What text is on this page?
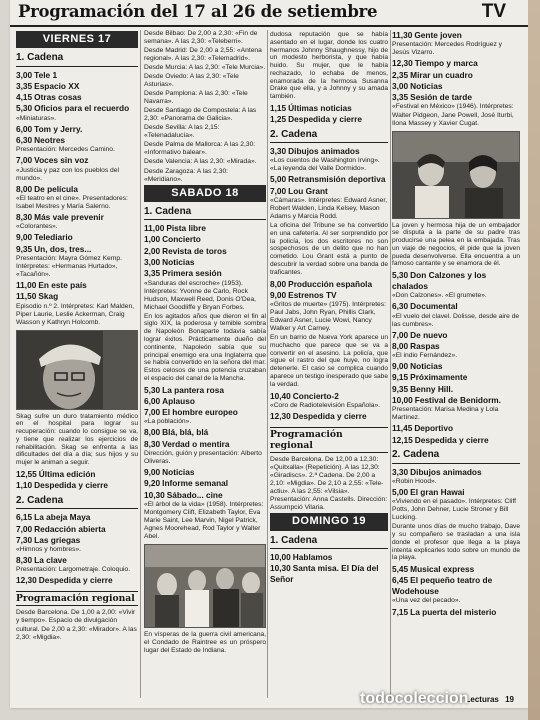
Programación del 17 al 26 de setiembre	TV
VIERNES 17
1. Cadena
3,00 Tele 1
3,35 Espacio XX
4,15 Otras cosas
5,30 Oficios para el recuerdo
«Miniaturas».
6,00 Tom y Jerry.
6,30 Neotres
Presentación: Mercedes Camino.
7,00 Voces sin voz
«Justicia y paz con los pueblos del mundo».
8,00 De película
«El teatro en el cine». Presentadores: Isabel Mestres y María Salerno.
8,30 Más vale prevenir
«Colorantes».
9,00 Telediario
9,35 Un, dos, tres...
Presentación: Mayra Gómez Kemp. Intérpretes: «Hermanas Hurtado», «Tacañón».
11,00 En este país
11,50 Skag
Episodio n.º 2. Intérpretes: Karl Malden, Piper Laurie, Leslie Ackerman, Craig Wasson y Kathryn Holcomb.
Skag sufre un duro tratamiento médico en el hospital para lograr su recuperación: cuando lo consigue se va, y tiene que realizar los ejercicios de rehabilitación. Skag se enfrenta a las dificultades del día a día; sus hijos y su mujer le animan a seguir.
12,55 Última edición
1,10 Despedida y cierre
2. Cadena
6,15 La abeja Maya
7,00 Redacción abierta
7,30 Las griegas
«Himnos y hombres».
8,30 La clave
Presentación: Largometraje. Coloquio.
12,30 Despedida y cierre
Programación regional
Desde Barcelona. De 1,00 a 2,00: «Vivir y tiempo». Espacio de divulgación cultural. De 2,00 a 2,30: «Mirador». A las 2,30: «Migdia».
Desde Bilbao: De 2,00 a 2,30: «Fin de semana». A las 2,30: «Teleberri».
Desde Madrid: De 2,00 a 2,55: «Antena regional». A las 2,30: «Telemadrid».
Desde Murcia: A las 2,30: «Tele Murcia».
Desde Oviedo: A las 2,30: «Tele Asturias».
Desde Pamplona: A las 2,30: «Tele Navarra».
Desde Santiago de Compostela: A las 2,30: «Panorama de Galicia».
Desde Sevilla: A las 2,15: «Telenadalucía».
Desde Palma de Mallorca: A las 2,30: «Informativo balear».
Desde Valencia: A las 2,30: «Mirada».
Desde Zaragoza: A las 2,30: «Meridiano».
SABADO 18
1. Cadena
11,00 Pista libre
1,00 Concierto
2,00 Revista de toros
3,00 Noticias
3,35 Primera sesión
«Sanduras del escroche» (1953). Intérpretes: Yvonne de Carlo, Rock Hudson, Maxwell Reed, Donis O'Dea, Michael Goodliffe y Bryan Forbes.
En los agitados años que dieron el fin al siglo XIX, la poderosa y temible sombra de Napoleón Bonaparte todavía sabía lograr éxitos. Prácticamente dueño del continente, Napoleón sabía que su principal enemigo era una Inglaterra que se había convertido en la señora del mar. Estos celosos de una potencia cruzaban el espacio del canal de la Mancha.
5,30 La pantera rosa
6,00 Aplauso
7,00 El hombre europeo
«La población».
8,00 Blá, blá, blá
8,30 Verdad o mentira
Dirección, guión y presentación: Alberto Oliveras.
9,00 Noticias
9,20 Informe semanal
10,30 Sábado... cine
«El árbol de la vida» (1958). Intérpretes: Montgomery Clift, Elizabeth Taylor, Eva Marie Saint, Lee Marvin, Nigel Patrick, Agnes Moorehead, Rod Taylor y Walter Abel.
En vísperas de la guerra civil americana, el Condado de Raintree es un próspero lugar del Estado de Indiana.
dudosa reputación que se había asentado en el lugar, donde los cuatro hermanos Johnny Shaughnessy, hijo de un modesto herborista, y que había huido. Su mujer, que le había rechazado, lo echaba de menos, enamorada de la hermosa Susanna Drake que ella, y a Johnny y su amada también.
1,15 Últimas noticias
1,25 Despedida y cierre
2. Cadena
3,30 Dibujos animados
«Los cuentos de Washington Irving». «La leyenda del Valle Dormido».
5,00 Retransmisión deportiva
7,00 Lou Grant
«Cámaras». Intérpretes: Edward Asner, Robert Walden, Linda Kelsey, Mason Adams y Marcia Rodd.
La oficina del Tribune se ha convertido en una cafetería. Al ser sorprendido por la policía, los dos escritores no son sospechosos de un delito que no han cometido. Lou Grant está a punto de descubrir la verdad sobre una banda de traficantes.
8,00 Producción española
9,00 Estrenos TV
«Gritos de muerte» (1975). Intérpretes: Paul Jabs, John Ryan, Phillis Clark, Edward Asner, Lucie Wowi, Nancy Walker y Art Carney.
En un barrio de Nueva York aparece un muchacho que parece que se va a convertir en el asesino. La policía, que sigue el rastro del que huye, no logra detenerle. El caso se complica cuando aparece un testigo inesperado que sabe la verdad.
10,40 Concierto-2
«Coro de Radiotelevisión Española».
12,30 Despedida y cierre
Programación regional
Desde Barcelona. De 12,00 a 12,30: «Quitxalla» (Repetición). A las 12,30: «Giradiscs». 2.ª Cadena. De 2,00 a 2,10: «Migdia». De 2,10 a 2,55: «Tele-actiu». A las 2,55: «Vilsia». Presentación: Anna Castells. Dirección: Assumpció Vilaria.
DOMINGO 19
1. Cadena
10,00 Hablamos
10,30 Santa misa. El Día del Señor
11,30 Gente joven
Presentación: Mercedes Rodríguez y Jesús Vizarro.
12,30 Tiempo y marca
2,35 Mirar un cuadro
3,00 Noticias
3,35 Sesión de tarde
«Festival en México» (1946). Intérpretes: Walter Pidgeon, Jane Powell, José Iturbi, Ilona Massey y Xavier Cugat.
La joven y hermosa hija de un embajador se disputa a la parte de su padre tras producirse una pelea en la embajada. Tras un viaje de negocios, él pide que la joven pueda desenvolverse. Ella encuentra a un famoso cantante y se enamora de él.
5,30 Don Calzones y los chalados
«Don Calzones». «El grumete».
6,30 Documental
«El vuelo del clavel. Dolisse, desde aire de las cumbres».
7,00 De nuevo
8,00 Raspas
«El indio Fernández».
9,00 Noticias
9,15 Próximamente
9,35 Benny Hill.
10,00 Festival de Benidorm.
Presentación: Marisa Medina y Lola Martínez.
11,45 Deportivo
12,15 Despedida y cierre
2. Cadena
3,30 Dibujos animados
«Robin Hood».
5,00 El gran Hawai
«Viviendo en el pasado». Intérpretes: Cliff Potts, John Dehner, Lucie Stroner y Bill Lucking.
Durante unos días de mucho trabajo, Dave y su compañero se trasladan a una isla donde el profesor que llega a la playa intenta explicarles todo sobre un mundo de la playa.
5,45 Musical express
6,45 El pequeño teatro de Wodehouse
«Una vez del pecado».
7,15 La puerta del misterio
Lecturas 19
todocoleccion
